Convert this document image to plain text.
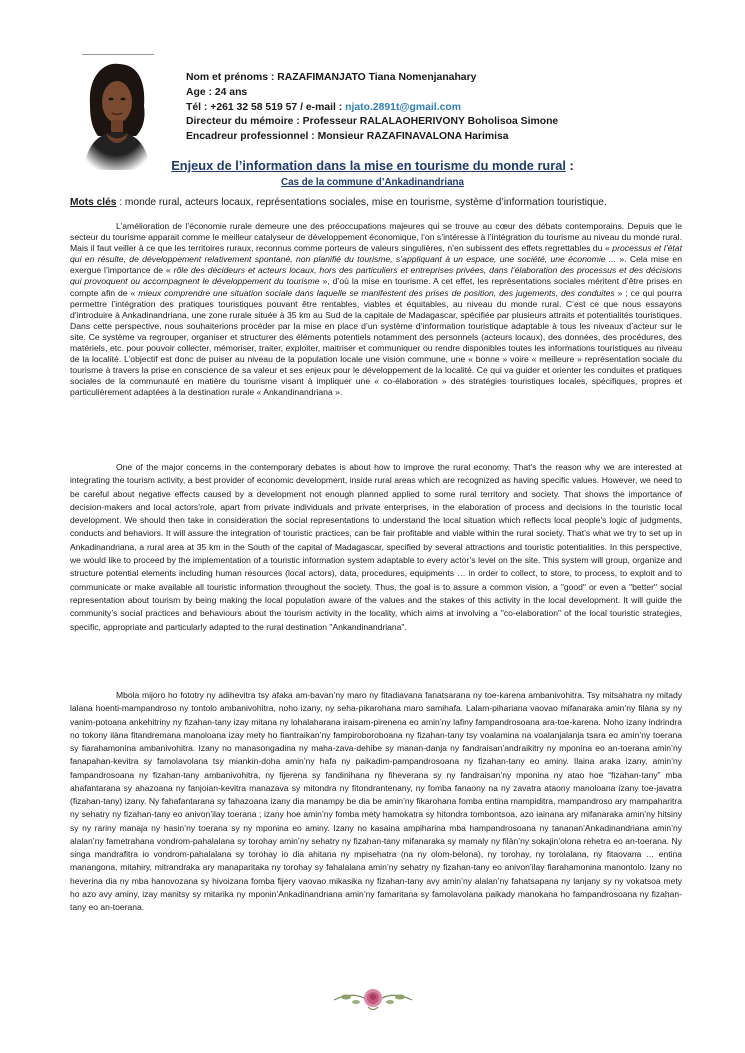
Nom et prénoms : RAZAFIMANJATO Tiana Nomenjanahary
Age : 24 ans
Tél : +261 32 58 519 57 / e-mail : njato.2891t@gmail.com
Directeur du mémoire : Professeur RALALAOHERIVONY Boholisoa Simone
Encadreur professionnel : Monsieur RAZAFINAVALONA Harimisa
Enjeux de l’information dans la mise en tourisme du monde rural :
Cas de la commune d’Ankadinandriana
Mots clés : monde rural, acteurs locaux, représentations sociales, mise en tourisme, système d’information touristique.

L’amélioration de l’économie rurale demeure une des préoccupations majeures qui se trouve au cœur des débats contemporains. Depuis que le secteur du tourisme apparait comme le meilleur catalyseur de développement économique, l’on s’intéresse à l’intégration du tourisme au niveau du monde rural. Mais il faut veiller à ce que les territoires ruraux, reconnus comme porteurs de valeurs singulières, n’en subissent des effets regrettables du « processus et l’état qui en résulte, de développement relativement spontané, non planifié du tourisme, s’appliquant à un espace, une société, une économie ... ». Cela mise en exergue l’importance de « rôle des décideurs et acteurs locaux, hors des particuliers et entreprises privées, dans l’élaboration des processus et des décisions qui provoquent ou accompagnent le développement du tourisme », d’où la mise en tourisme. A cet effet, les représentations sociales méritent d’être prises en compte afin de « mieux comprendre une situation sociale dans laquelle se manifestent des prises de position, des jugements, des conduites » ; ce qui pourra permettre l’intégration des pratiques touristiques pouvant être rentables, viables et équitables, au niveau du monde rural. C’est ce que nous essayons d’introduire à Ankadinandriana, une zone rurale située à 35 km au Sud de la capitale de Madagascar, spécifiée par plusieurs attraits et potentialités touristiques. Dans cette perspective, nous souhaiterions procéder par la mise en place d’un système d’information touristique adaptable à tous les niveaux d’acteur sur le site. Ce système va regrouper, organiser et structurer des éléments potentiels notamment des personnels (acteurs locaux), des données, des procédures, des matériels, etc. pour pouvoir collecter, mémoriser, traiter, exploiter, maitriser et communiquer ou rendre disponibles toutes les informations touristiques au niveau de la localité. L’objectif est donc de puiser au niveau de la population locale une vision commune, une « bonne » voire « meilleure » représentation sociale du tourisme à travers la prise en conscience de sa valeur et ses enjeux pour le développement de la localité. Ce qui va guider et orienter les conduites et pratiques sociales de la communauté en matière du tourisme visant à impliquer une « co-élaboration » des stratégies touristiques locales, spécifiques, propres et particulièrement adaptées à la destination rurale « Ankandinandriana ».

One of the major concerns in the contemporary debates is about how to improve the rural economy. That’s the reason why we are interested at integrating the tourism activity, a best provider of economic development, inside rural areas which are recognized as having specific values. However, we need to be careful about negative effects caused by a development not enough planned applied to some rural territory and society. That shows the importance of decision-makers and local actors’role, apart from private individuals and private enterprises, in the elaboration of process and decisions in the touristic local development. We should then take in consideration the social representations to understand the local situation which reflects local people’s logic of judgments, conducts and behaviors. It will assure the integration of touristic practices, can be fair profitable and viable within the rural society. That’s what we try to set up in Ankadinandriana, a rural area at 35 km in the South of the capital of Madagascar, specified by several attractions and touristic potentialities. In this perspective, we would like to proceed by the implementation of a touristic information system adaptable to every actor’s level on the site. This system will group, organize and structure potential elements including human resources (local actors), data, procedures, equipments … in order to collect, to store, to process, to exploit and to communicate or make available all touristic information throughout the society. Thus, the goal is to assure a common vision, a "good" or even a "better" social representation about tourism by being making the local population aware of the values and the stakes of this activity in the local development. It will guide the community’s social practices and behaviours about the tourism activity in the locality, which aims at involving a "co-elaboration" of the local touristic strategies, specific, appropriate and particularly adapted to the rural destination "Ankandinandriana".

Mbola mijoro ho fototry ny adihevitra tsy afaka am-bavan’ny maro ny fitadiavana fanatsarana ny toe-karena ambanivohitra. Tsy mitsahatra ny mitady lalana hoenti-mampandroso ny tontolo ambanivohitra, noho izany, ny seha-pikarohana maro samihafa. Lalam-pihariana vaovao mifanaraka amin’ny filàna sy ny vanim-potoana ankehitriny ny fizahan-tany izay mitana ny lohalaharana iraisam-pirenena eo amin’ny lafiny fampandrosoana ara-toe-karena. Noho izany indrindra no tokony ilàna fitandremana manoloana izay mety ho fiantraikan’ny fampiroboroboana ny fizahan-tany tsy voalamina na voalanjalanja tsara eo amin’ny toerana sy fiarahamonina ambanivohitra. Izany no manasongadina ny maha-zava-dehibe sy manan-danja ny fandraisan’andraikitry ny mponina eo an-toerana amin’ny fanapahan-kevitra sy famolavolana tsy miankin-doha amin’ny hafa ny paikadim-pampandrosoana ny fizahan-tany eo aminy. Ilaina araka izany, amin’ny fampandrosoana ny fizahan-tany ambanivohitra, ny fijerena sy fandinihana ny fiheverana sy ny fandraisan’ny mponina ny atao hoe “fizahan-tany” mba ahafantarana sy ahazoana ny fanjoian-kevitra manazava sy mitondra ny fitondrantenany, ny fomba fanaony na ny zavatra ataony manoloana izany toe-javatra (fizahan-tany) izany. Ny fahafantarana sy fahazoana izany dia manampy be dia be amin’ny fikarohana fomba entina mampiditra, mampandroso ary mampaharitra ny sehatry ny fizahan-tany eo anivon’ilay toerana ; izany hoe amin’ny fomba mety hamokatra sy hitondra tombontsoa, azo iainana ary mifanaraka amin’ny hitsiny sy ny rariny manaja ny hasin’ny toerana sy ny mponina eo aminy. Izany no kasaina ampiharina mba hampandrosoana ny tananan’Ankadinandriana amin’ny alalan’ny fametrahana vondrom-pahalalana sy torohay amin’ny sehatry ny fizahan-tany mifanaraka sy mamaly ny filàn’ny sokajin’olona rehetra eo an-toerana. Ny singa mandrafitra io vondrom-pahalalana sy torohay io dia ahitana ny mpisehatra (na ny olom-belona), ny torohay, ny torolalana, ny fitaovana … entina manangona, mitahiry, mitrandraka ary manaparitaka ny torohay sy fahalalana amin’ny sehatry ny fizahan-tany eo anivon’ilay fiarahamonina manontolo. Izany no heverina dia ny mba hanovozana sy hivoizana fomba fijery vaovao mikasika ny fizahan-tany avy amin’ny alalan’ny fahatsapana ny lanjany sy ny vokatsoa mety ho azo avy aminy, izay manitsy sy mitarika ny mponin’Ankadinandriana amin’ny famaritana sy famolavolana paikady manokana ho fampandrosoana ny fizahan-tany eo an-toerana.
